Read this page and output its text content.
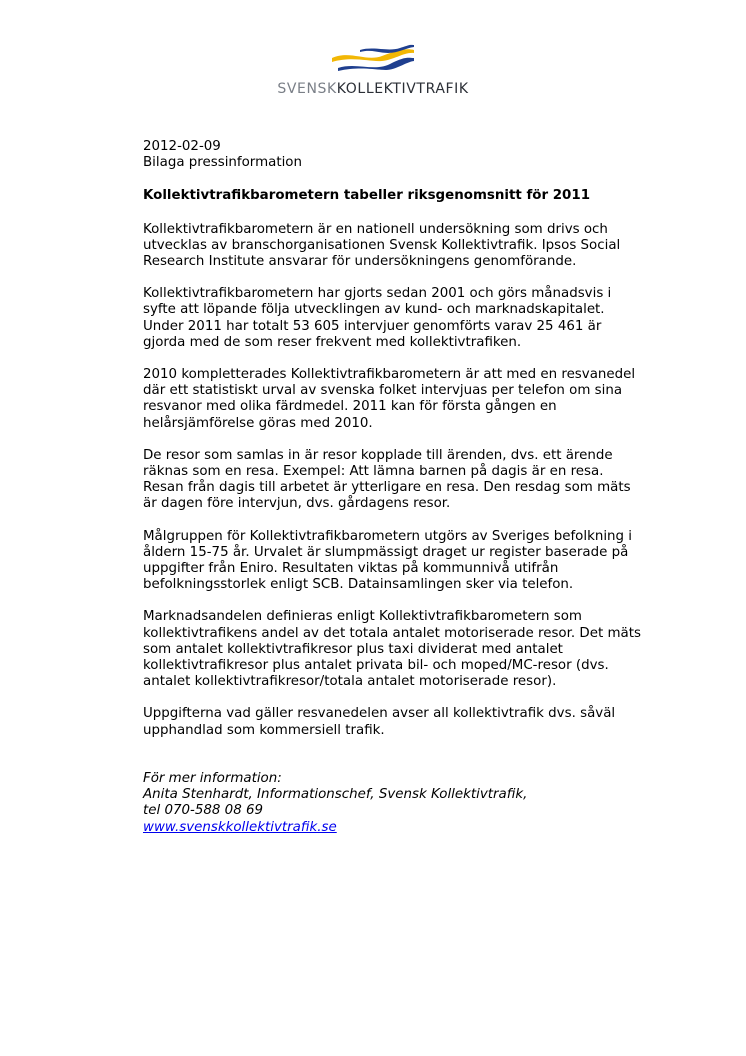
SVENSKKOLLEKTIVTRAFIK
2012-02-09
Bilaga pressinformation
Kollektivtrafikbarometern tabeller riksgenomsnitt för 2011

Kollektivtrafikbarometern är en nationell undersökning som drivs och
utvecklas av branschorganisationen Svensk Kollektivtrafik. Ipsos Social
Research Institute ansvarar för undersökningens genomförande.

Kollektivtrafikbarometern har gjorts sedan 2001 och görs månadsvis i
syfte att löpande följa utvecklingen av kund- och marknadskapitalet.
Under 2011 har totalt 53 605 intervjuer genomförts varav 25 461 är
gjorda med de som reser frekvent med kollektivtrafiken.

2010 kompletterades Kollektivtrafikbarometern är att med en resvanedel
där ett statistiskt urval av svenska folket intervjuas per telefon om sina
resvanor med olika färdmedel. 2011 kan för första gången en
helårsjämförelse göras med 2010.

De resor som samlas in är resor kopplade till ärenden, dvs. ett ärende
räknas som en resa. Exempel: Att lämna barnen på dagis är en resa.
Resan från dagis till arbetet är ytterligare en resa. Den resdag som mäts
är dagen före intervjun, dvs. gårdagens resor.

Målgruppen för Kollektivtrafikbarometern utgörs av Sveriges befolkning i
åldern 15-75 år. Urvalet är slumpmässigt draget ur register baserade på
uppgifter från Eniro. Resultaten viktas på kommunnivå utifrån
befolkningsstorlek enligt SCB. Datainsamlingen sker via telefon.

Marknadsandelen definieras enligt Kollektivtrafikbarometern som
kollektivtrafikens andel av det totala antalet motoriserade resor. Det mäts
som antalet kollektivtrafikresor plus taxi dividerat med antalet
kollektivtrafikresor plus antalet privata bil- och moped/MC-resor (dvs.
antalet kollektivtrafikresor/totala antalet motoriserade resor).

Uppgifterna vad gäller resvanedelen avser all kollektivtrafik dvs. såväl
upphandlad som kommersiell trafik.

För mer information:
Anita Stenhardt, Informationschef, Svensk Kollektivtrafik,
tel 070-588 08 69
www.svenskkollektivtrafik.se
